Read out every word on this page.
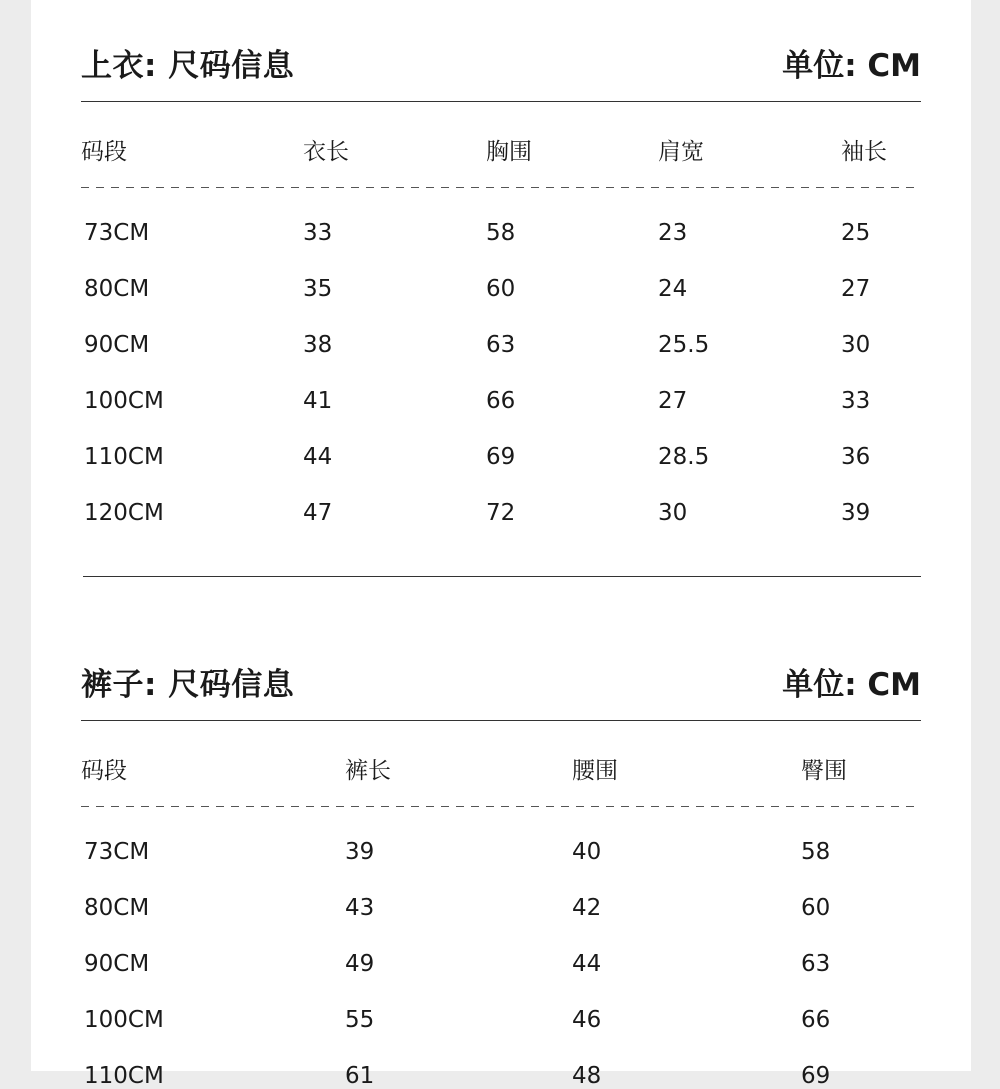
上衣: 尺码信息	单位: CM
码段	衣长	胸围	肩宽	袖长
73CM	33	58	23	25
80CM	35	60	24	27
90CM	38	63	25.5	30
100CM	41	66	27	33
110CM	44	69	28.5	36
120CM	47	72	30	39
裤子: 尺码信息	单位: CM
码段	裤长	腰围	臀围
73CM	39	40	58
80CM	43	42	60
90CM	49	44	63
100CM	55	46	66
110CM	61	48	69
